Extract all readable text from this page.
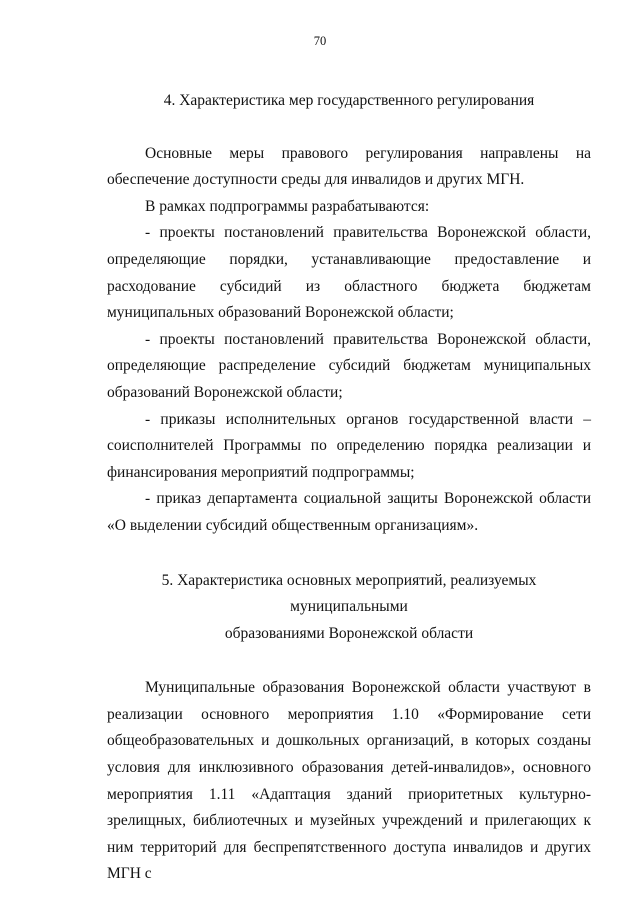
70

4. Характеристика мер государственного регулирования

Основные меры правового регулирования направлены на обеспечение доступности среды для инвалидов и других МГН.

В рамках подпрограммы разрабатываются:

- проекты постановлений правительства Воронежской области, определяющие порядки, устанавливающие предоставление и расходование субсидий из областного бюджета бюджетам муниципальных образований Воронежской области;

- проекты постановлений правительства Воронежской области, определяющие распределение субсидий бюджетам муниципальных образований Воронежской области;

- приказы исполнительных органов государственной власти – соисполнителей Программы по определению порядка реализации и финансирования мероприятий подпрограммы;

- приказ департамента социальной защиты Воронежской области «О выделении субсидий общественным организациям».

5. Характеристика основных мероприятий, реализуемых муниципальными

образованиями Воронежской области

Муниципальные образования Воронежской области участвуют в реализации основного мероприятия 1.10 «Формирование сети общеобразовательных и дошкольных организаций, в которых созданы условия для инклюзивного образования детей-инвалидов», основного мероприятия 1.11 «Адаптация зданий приоритетных культурно-зрелищных, библиотечных и музейных учреждений и прилегающих к ним территорий для беспрепятственного доступа инвалидов и других МГН с
